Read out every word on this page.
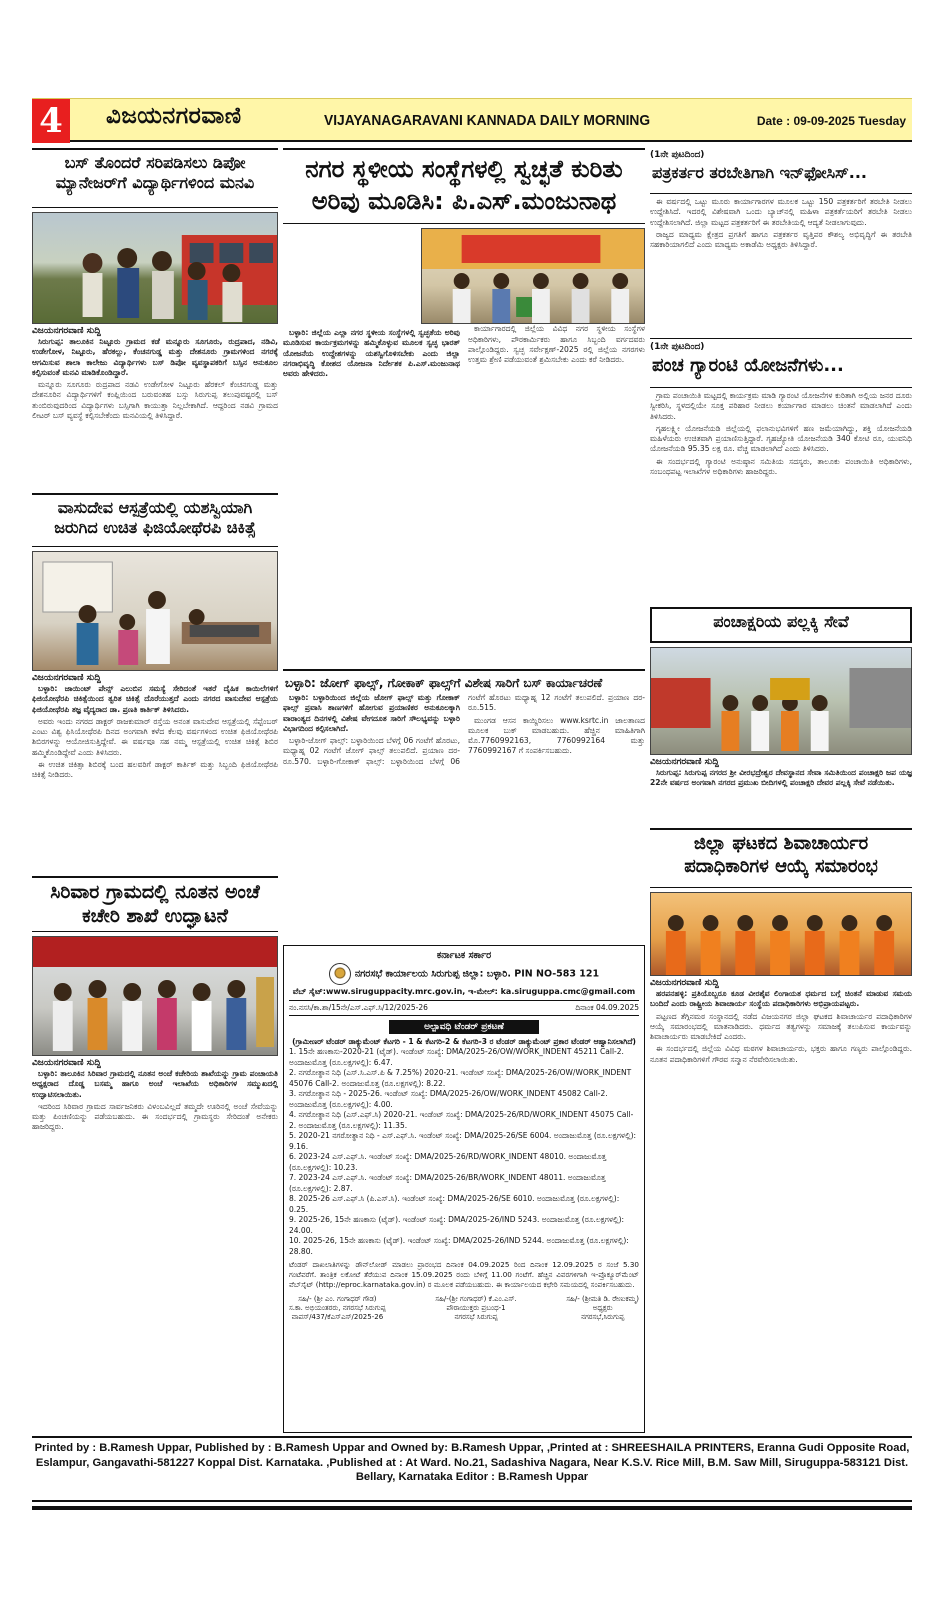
4	ವಿಜಯನಗರವಾಣಿ	VIJAYANAGARAVANI KANNADA DAILY MORNING	Date : 09-09-2025 Tuesday
ಬಸ್ ತೊಂದರೆ ಸರಿಪಡಿಸಲು ಡಿಪೋ ಮ್ಯಾನೇಜರ್‌ಗೆ ವಿದ್ಯಾರ್ಥಿಗಳಿಂದ ಮನವಿ
ವಿಜಯನಗರವಾಣಿ ಸುದ್ದಿ

ಸಿರುಗುಪ್ಪ: ತಾಲೂಕಿನ ನಿಟ್ಟೂರು ಗ್ರಾಮದ ಕಡೆ ಮನ್ನೂರು ಸೂಗೂರು, ರುದ್ರಪಾದ, ನಡಿವಿ, ಉಡೇಗೋಳ, ನಿಟ್ಟೂರು, ಹೆರಕಲ್ಲು, ಕೆಂಚನಗುಡ್ಡ ಮತ್ತು ದೇಶನೂರು ಗ್ರಾಮಗಳಿಂದ ನಗರಕ್ಕೆ ಆಗಮಿಸುವ ಶಾಲಾ ಕಾಲೇಜು ವಿದ್ಯಾರ್ಥಿಗಳು ಬಸ್ ಡಿಪೋ ವ್ಯವಸ್ಥಾಪಕರಿಗೆ ಬಸ್ಸಿನ ಅನುಕೂಲ ಕಲ್ಪಿಸುವಂತೆ ಮನವಿ ಮಾಡಿಕೊಂಡಿದ್ದಾರೆ.

ಮನ್ನೂರು ಸೂಗೂರು ರುದ್ರಪಾದ ನಡವಿ ಉಡೇಗೋಳ ನಿಟ್ಟೂರು ಹೆರಕಲ್ ಕೆಂಚನಗುಡ್ಡ ಮತ್ತು ದೇಶನೂರಿನ ವಿದ್ಯಾರ್ಥಿಗಳಿಗೆ ಕಂಪ್ಲಿಯಿಂದ ಬರುವಂತಹ ಬಸ್ಸು ಸಿರುಗುಪ್ಪ ತಲುಪುವಷ್ಟರಲ್ಲಿ ಬಸ್ ತುಂಬಿರುವುದರಿಂದ ವಿದ್ಯಾರ್ಥಿಗಳು ಬಸ್ಸಿಗಾಗಿ ಕಾಯುತ್ತಾ ನಿಲ್ಲಬೇಕಾಗಿದೆ. ಆದ್ದರಿಂದ ನಡವಿ ಗ್ರಾಮದ ಲೀಟರ್ ಬಸ್ ವ್ಯವಸ್ಥೆ ಕಲ್ಪಿಸಬೇಕೆಂದು ಮನವಿಯಲ್ಲಿ ತಿಳಿಸಿದ್ದಾರೆ.

ವಾಸುದೇವ ಆಸ್ಪತ್ರೆಯಲ್ಲಿ ಯಶಸ್ವಿಯಾಗಿ ಜರುಗಿದ ಉಚಿತ ಫಿಜಿಯೋಥೆರಪಿ ಚಿಕಿತ್ಸೆ
ವಿಜಯನಗರವಾಣಿ ಸುದ್ದಿ

ಬಳ್ಳಾರಿ: ಜಾಯಿಂಟ್ ಪೇನ್ಸ್ ಎಲುಬಿನ ಸಮಸ್ಯೆ ಸೇರಿದಂತೆ ಇತರೆ ದೈಹಿಕ ಕಾಯಿಲೆಗಳಿಗೆ ಫಿಜಿಯೋಥೆರಪಿ ಚಿಕಿತ್ಸೆಯಿಂದ ತ್ವರಿತ ಚಿಕಿತ್ಸೆ ದೊರೆಯುತ್ತದೆ ಎಂದು ನಗರದ ವಾಸುದೇವ ಆಸ್ಪತ್ರೆಯ ಫಿಜಿಯೋಥೆರಪಿ ತಜ್ಞ ವೈದ್ಯರಾದ ಡಾ. ಪ್ರಣತಿ ಕಾರ್ತಿಕ್ ತಿಳಿಸಿದರು.

ಅವರು ಇಂದು ನಗರದ ಡಾಕ್ಟರ್ ರಾಜಕುಮಾರ್ ರಸ್ತೆಯ ಅನಂತ ವಾಸುದೇವ ಆಸ್ಪತ್ರೆಯಲ್ಲಿ ಸೆಪ್ಟೆಂಬರ್ ಎಂಟು ವಿಶ್ವ ಫಿಸಿಯೋಥೆರಪಿ ದಿನದ ಅಂಗವಾಗಿ ಕಳೆದ ಕೆಲವು ವರ್ಷಗಳಿಂದ ಉಚಿತ ಫಿಜಿಯೋಥೆರಪಿ ಶಿಬಿರಗಳನ್ನು ಆಯೋಜಿಸುತ್ತಿದ್ದೇವೆ. ಈ ವರ್ಷವೂ ಸಹ ನಮ್ಮ ಆಸ್ಪತ್ರೆಯಲ್ಲಿ ಉಚಿತ ಚಿಕಿತ್ಸೆ ಶಿಬಿರ ಹಮ್ಮಿಕೊಂಡಿದ್ದೇವೆ ಎಂದು ತಿಳಿಸಿದರು.

ಈ ಉಚಿತ ಚಿಕಿತ್ಸಾ ಶಿಬಿರಕ್ಕೆ ಬಂದ ಹಲವರಿಗೆ ಡಾಕ್ಟರ್ ಕಾರ್ತಿಕ್ ಮತ್ತು ಸಿಬ್ಬಂದಿ ಫಿಜಿಯೋಥೆರಪಿ ಚಿಕಿತ್ಸೆ ನೀಡಿದರು.

ಸಿರಿವಾರ ಗ್ರಾಮದಲ್ಲಿ ನೂತನ ಅಂಚೆ ಕಚೇರಿ ಶಾಖೆ ಉದ್ಘಾಟನೆ
ವಿಜಯನಗರವಾಣಿ ಸುದ್ದಿ

ಬಳ್ಳಾರಿ: ತಾಲೂಕಿನ ಸಿರಿವಾರ ಗ್ರಾಮದಲ್ಲಿ ನೂತನ ಅಂಚೆ ಕಚೇರಿಯ ಶಾಖೆಯನ್ನು ಗ್ರಾಮ ಪಂಚಾಯತಿ ಅಧ್ಯಕ್ಷರಾದ ದೊಡ್ಡ ಬಸಮ್ಮ ಹಾಗೂ ಅಂಚೆ ಇಲಾಖೆಯ ಅಧಿಕಾರಿಗಳ ಸಮ್ಮುಖದಲ್ಲಿ ಉದ್ಘಾಟಿಸಲಾಯಿತು.

ಇದರಿಂದ ಸಿರಿವಾರ ಗ್ರಾಮದ ಸಾರ್ವಜನಿಕರು ವಿಳಂಬವಿಲ್ಲದೆ ತಮ್ಮದೇ ಊರಿನಲ್ಲಿ ಅಂಚೆ ಸೇವೆಯನ್ನು ಮತ್ತು ಪಿಂಚಣಿಯನ್ನು ಪಡೆಯಬಹುದು. ಈ ಸಂದರ್ಭದಲ್ಲಿ ಗ್ರಾಮಸ್ಥರು ಸೇರಿದಂತೆ ಅನೇಕರು ಹಾಜರಿದ್ದರು.

ನಗರ ಸ್ಥಳೀಯ ಸಂಸ್ಥೆಗಳಲ್ಲಿ ಸ್ವಚ್ಛತೆ ಕುರಿತು ಅರಿವು ಮೂಡಿಸಿ: ಪಿ.ಎಸ್.ಮಂಜುನಾಥ

ಬಳ್ಳಾರಿ: ಜಿಲ್ಲೆಯ ಎಲ್ಲಾ ನಗರ ಸ್ಥಳೀಯ ಸಂಸ್ಥೆಗಳಲ್ಲಿ ಸ್ವಚ್ಛತೆಯ ಅರಿವು ಮೂಡಿಸುವ ಕಾರ್ಯಕ್ರಮಗಳನ್ನು ಹಮ್ಮಿಕೊಳ್ಳುವ ಮೂಲಕ ಸ್ವಚ್ಛ ಭಾರತ್ ಯೋಜನೆಯ ಉದ್ದೇಶಗಳನ್ನು ಯಶಸ್ವಿಗೊಳಿಸಬೇಕು ಎಂದು ಜಿಲ್ಲಾ ನಗರಾಭಿವೃದ್ಧಿ ಕೋಶದ ಯೋಜನಾ ನಿರ್ದೇಶಕ ಪಿ.ಎಸ್.ಮಂಜುನಾಥ ಅವರು ಹೇಳಿದರು.

ಕಾರ್ಯಾಗಾರದಲ್ಲಿ ಜಿಲ್ಲೆಯ ವಿವಿಧ ನಗರ ಸ್ಥಳೀಯ ಸಂಸ್ಥೆಗಳ ಅಧಿಕಾರಿಗಳು, ಪೌರಕಾರ್ಮಿಕರು ಹಾಗೂ ಸಿಬ್ಬಂದಿ ವರ್ಗದವರು ಪಾಲ್ಗೊಂಡಿದ್ದರು. ಸ್ವಚ್ಛ ಸರ್ವೇಕ್ಷಣ್-2025 ರಲ್ಲಿ ಜಿಲ್ಲೆಯ ನಗರಗಳು ಉತ್ತಮ ಶ್ರೇಣಿ ಪಡೆಯುವಂತೆ ಶ್ರಮಿಸಬೇಕು ಎಂದು ಕರೆ ನೀಡಿದರು.

ಬಳ್ಳಾರಿ: ಜೋಗ್ ಫಾಲ್ಸ್, ಗೋಕಾಕ್ ಫಾಲ್ಸ್‌ಗೆ ವಿಶೇಷ ಸಾರಿಗೆ ಬಸ್ ಕಾರ್ಯಾಚರಣೆ

ಬಳ್ಳಾರಿ: ಬಳ್ಳಾರಿಯಿಂದ ಜಿಲ್ಲೆಯ ಜೋಗ್ ಫಾಲ್ಸ್ ಮತ್ತು ಗೋಕಾಕ್ ಫಾಲ್ಸ್ ಪ್ರವಾಸಿ ತಾಣಗಳಿಗೆ ಹೋಗುವ ಪ್ರಯಾಣಿಕರ ಅನುಕೂಲಕ್ಕಾಗಿ ವಾರಾಂತ್ಯದ ದಿನಗಳಲ್ಲಿ ವಿಶೇಷ ವೇಗದೂತ ಸಾರಿಗೆ ಸೌಲಭ್ಯವನ್ನು ಬಳ್ಳಾರಿ ವಿಭಾಗದಿಂದ ಕಲ್ಪಿಸಲಾಗಿದೆ.

ಬಳ್ಳಾರಿ-ಜೋಗ್ ಫಾಲ್ಸ್: ಬಳ್ಳಾರಿಯಿಂದ ಬೆಳಗ್ಗೆ 06 ಗಂಟೆಗೆ ಹೊರಟು, ಮಧ್ಯಾಹ್ನ 02 ಗಂಟೆಗೆ ಜೋಗ್ ಫಾಲ್ಸ್ ತಲುಪಲಿದೆ. ಪ್ರಯಾಣ ದರ- ರೂ.570. ಬಳ್ಳಾರಿ-ಗೋಕಾಕ್ ಫಾಲ್ಸ್: ಬಳ್ಳಾರಿಯಿಂದ ಬೆಳಗ್ಗೆ 06 ಗಂಟೆಗೆ ಹೊರಟು ಮಧ್ಯಾಹ್ನ 12 ಗಂಟೆಗೆ ತಲುಪಲಿದೆ. ಪ್ರಯಾಣ ದರ- ರೂ.515.

ಮುಂಗಡ ಆಸನ ಕಾಯ್ದಿರಿಸಲು www.ksrtc.in ಜಾಲತಾಣದ ಮೂಲಕ ಬುಕ್ ಮಾಡಬಹುದು. ಹೆಚ್ಚಿನ ಮಾಹಿತಿಗಾಗಿ ಮೊ.7760992163, 7760992164 ಮತ್ತು 7760992167 ಗೆ ಸಂಪರ್ಕಿಸಬಹುದು.

ಕರ್ನಾಟಕ ಸರ್ಕಾರ
ನಗರಸಭೆ ಕಾರ್ಯಾಲಯ ಸಿರುಗುಪ್ಪ ಜಿಲ್ಲಾ: ಬಳ್ಳಾರಿ. PIN NO-583 121
ವೆಬ್ ಸೈಟ್:www.siruguppacity.mrc.gov.in, ಇ-ಮೇಲ್: ka.siruguppa.cmc@gmail.com
ನಂ.ನಸಸಿ/ಕಾ.ಶಾ/15ನೇ/ಎಸ್.ಎಫ್.ಸಿ/12/2025-26	ದಿನಾಂಕ 04.09.2025
ಅಲ್ಪಾವಧಿ ಟೆಂಡರ್ ಪ್ರಕಟಣೆ
(ಗ್ರಾಮೀಣರ್ ಟೆಂಡರ್ ಡಾಕ್ಯುಮೆಂಟ್ ಕೆಟಗರಿ - 1 & ಕೆಟಗರಿ-2 & ಕೆಟಗರಿ-3 ರ ಟೆಂಡರ್ ಡಾಕ್ಯುಮೆಂಟ್ ಪ್ರಕಾರ ಟೆಂಡರ್ ಆಹ್ವಾನಿಸಲಾಗಿದೆ)
1. 15ನೇ ಹಣಕಾಸು-2020-21 (ಟೈಡ್). ಇಂಡೆಂಟ್ ಸಂಖ್ಯೆ: DMA/2025-26/OW/WORK_INDENT 45211 Call-2. ಅಂದಾಜುಮೊತ್ತ (ರೂ.ಲಕ್ಷಗಳಲ್ಲಿ): 6.47.
2. ನಗರೋತ್ಥಾನ ನಿಧಿ (ಎಸ್.ಸಿ.ಎಸ್.ಪಿ & 7.25%) 2020-21. ಇಂಡೆಂಟ್ ಸಂಖ್ಯೆ: DMA/2025-26/OW/WORK_INDENT 45076 Call-2. ಅಂದಾಜುಮೊತ್ತ (ರೂ.ಲಕ್ಷಗಳಲ್ಲಿ): 8.22.
3. ನಗರೋತ್ಥಾನ ನಿಧಿ - 2025-26. ಇಂಡೆಂಟ್ ಸಂಖ್ಯೆ: DMA/2025-26/OW/WORK_INDENT 45082 Call-2. ಅಂದಾಜುಮೊತ್ತ (ರೂ.ಲಕ್ಷಗಳಲ್ಲಿ): 4.00.
4. ನಗರೋತ್ಥಾನ ನಿಧಿ (ಎಸ್.ಎಫ್.ಸಿ) 2020-21. ಇಂಡೆಂಟ್ ಸಂಖ್ಯೆ: DMA/2025-26/RD/WORK_INDENT 45075 Call-2. ಅಂದಾಜುಮೊತ್ತ (ರೂ.ಲಕ್ಷಗಳಲ್ಲಿ): 11.35.
5. 2020-21 ನಗರೋತ್ಥಾನ ನಿಧಿ - ಎಸ್.ಎಫ್.ಸಿ. ಇಂಡೆಂಟ್ ಸಂಖ್ಯೆ: DMA/2025-26/SE 6004. ಅಂದಾಜುಮೊತ್ತ (ರೂ.ಲಕ್ಷಗಳಲ್ಲಿ): 9.16.
6. 2023-24 ಎಸ್.ಎಫ್.ಸಿ. ಇಂಡೆಂಟ್ ಸಂಖ್ಯೆ: DMA/2025-26/RD/WORK_INDENT 48010. ಅಂದಾಜುಮೊತ್ತ (ರೂ.ಲಕ್ಷಗಳಲ್ಲಿ): 10.23.
7. 2023-24 ಎಸ್.ಎಫ್.ಸಿ. ಇಂಡೆಂಟ್ ಸಂಖ್ಯೆ: DMA/2025-26/BR/WORK_INDENT 48011. ಅಂದಾಜುಮೊತ್ತ (ರೂ.ಲಕ್ಷಗಳಲ್ಲಿ): 2.87.
8. 2025-26 ಎಸ್.ಎಫ್.ಸಿ (ಪಿ.ಎಸ್.ಸಿ). ಇಂಡೆಂಟ್ ಸಂಖ್ಯೆ: DMA/2025-26/SE 6010. ಅಂದಾಜುಮೊತ್ತ (ರೂ.ಲಕ್ಷಗಳಲ್ಲಿ): 0.25.
9. 2025-26, 15ನೇ ಹಣಕಾಸು (ಟೈಡ್). ಇಂಡೆಂಟ್ ಸಂಖ್ಯೆ: DMA/2025-26/IND 5243. ಅಂದಾಜುಮೊತ್ತ (ರೂ.ಲಕ್ಷಗಳಲ್ಲಿ): 24.00.
10. 2025-26, 15ನೇ ಹಣಕಾಸು (ಟೈಡ್). ಇಂಡೆಂಟ್ ಸಂಖ್ಯೆ: DMA/2025-26/IND 5244. ಅಂದಾಜುಮೊತ್ತ (ರೂ.ಲಕ್ಷಗಳಲ್ಲಿ): 28.80.
ಟೆಂಡರ್ ದಾಖಲಾತಿಗಳನ್ನು ಡೌನ್‌ಲೋಡ್ ಮಾಡಲು ಪ್ರಾರಂಭದ ದಿನಾಂಕ 04.09.2025 ರಿಂದ ದಿನಾಂಕ 12.09.2025 ರ ಸಂಜೆ 5.30 ಗಂಟೆವರೆಗೆ. ತಾಂತ್ರಿಕ ಲಕೋಟೆ ತೆರೆಯುವ ದಿನಾಂಕ 15.09.2025 ರಂದು ಬೆಳಿಗ್ಗೆ 11.00 ಗಂಟೆಗೆ. ಹೆಚ್ಚಿನ ವಿವರಗಳಿಗಾಗಿ ಇ-ಪ್ರೊಕ್ಯೂರ್‌ಮೆಂಟ್ ವೆಬ್‌ಸೈಟ್ (http://eproc.karnataka.gov.in) ರ ಮೂಲಕ ಪಡೆಯಬಹುದು. ಈ ಕಾರ್ಯಾಲಯದ ಕಛೇರಿ ಸಮಯದಲ್ಲಿ ಸಂಪರ್ಕಿಸಬಹುದು.
ಸಹಿ/- (ಶ್ರೀ ಎಂ. ಗಂಗಾಧರ್ ಗೌಡ)
ಸ.ಕಾ. ಅಭಿಯಂತರರು, ನಗರಸಭೆ ಸಿರುಗುಪ್ಪ
ವಾಪಸ್/437/ಕೆಎಸ್‌ಎಸ್/2025-26
ಸಹಿ/-(ಶ್ರೀ ಗಂಗಾಧರ್) ಕೆ.ಎಂ.ಎಸ್.
ಪೌರಾಯುಕ್ತರು ಪ್ರಬಂಧ-1
ನಗರಸಭೆ ಸಿರುಗುಪ್ಪ
ಸಹಿ/- (ಶ್ರೀಮತಿ ಡಿ. ರೇಣುಕಮ್ಮ)
ಅಧ್ಯಕ್ಷರು
ನಗರಸಭೆ,ಸಿರುಗುಪ್ಪ
(1ನೇ ಪುಟದಿಂದ)
ಪತ್ರಕರ್ತರ ತರಬೇತಿಗಾಗಿ ಇನ್‌ಫೋಸಿಸ್...

ಈ ವರ್ಷದಲ್ಲಿ ಒಟ್ಟು ಮೂರು ಕಾರ್ಯಾಗಾರಗಳ ಮೂಲಕ ಒಟ್ಟು 150 ಪತ್ರಕರ್ತರಿಗೆ ತರಬೇತಿ ನೀಡಲು ಉದ್ದೇಶಿಸಿದೆ. ಇದರಲ್ಲಿ ವಿಶೇಷವಾಗಿ ಒಂದು ಬ್ಯಾಚ್‌ನಲ್ಲಿ ಮಹಿಳಾ ಪತ್ರಕರ್ತೆಯರಿಗೆ ತರಬೇತಿ ನೀಡಲು ಉದ್ದೇಶಿಸಲಾಗಿದೆ. ಜಿಲ್ಲಾ ಮಟ್ಟದ ಪತ್ರಕರ್ತರಿಗೆ ಈ ತರಬೇತಿಯಲ್ಲಿ ಆದ್ಯತೆ ನೀಡಲಾಗುವುದು.

ರಾಜ್ಯದ ಮಾಧ್ಯಮ ಕ್ಷೇತ್ರದ ಪ್ರಗತಿಗೆ ಹಾಗೂ ಪತ್ರಕರ್ತರ ವೃತ್ತಿಪರ ಕೌಶಲ್ಯ ಅಭಿವೃದ್ಧಿಗೆ ಈ ತರಬೇತಿ ಸಹಕಾರಿಯಾಗಲಿದೆ ಎಂದು ಮಾಧ್ಯಮ ಅಕಾಡೆಮಿ ಅಧ್ಯಕ್ಷರು ತಿಳಿಸಿದ್ದಾರೆ.

(1ನೇ ಪುಟದಿಂದ)
ಪಂಚ ಗ್ಯಾರಂಟಿ ಯೋಜನೆಗಳು...

ಗ್ರಾಮ ಪಂಚಾಯಿತಿ ಮಟ್ಟದಲ್ಲಿ ಕಾರ್ಯಕ್ರಮ ಮಾಡಿ ಗ್ಯಾರಂಟಿ ಯೋಜನೆಗಳ ಕುರಿತಾಗಿ ಅಲ್ಲಿಯ ಜನರ ದೂರು ಸ್ವೀಕರಿಸಿ, ಸ್ಥಳದಲ್ಲಿಯೇ ಸೂಕ್ತ ಪರಿಹಾರ ನೀಡಲು ಕರ್ಯಾಗಾರ ಮಾಡಲು ಚಿಂತನೆ ಮಾಡಲಾಗಿದೆ ಎಂದು ತಿಳಿಸಿದರು.

ಗೃಹಲಕ್ಷ್ಮೀ ಯೋಜನೆಯಡಿ ಜಿಲ್ಲೆಯಲ್ಲಿ ಫಲಾನುಭವಿಗಳಿಗೆ ಹಣ ಜಮೆಯಾಗಿದ್ದು, ಶಕ್ತಿ ಯೋಜನೆಯಡಿ ಮಹಿಳೆಯರು ಉಚಿತವಾಗಿ ಪ್ರಯಾಣಿಸುತ್ತಿದ್ದಾರೆ. ಗೃಹಜ್ಯೋತಿ ಯೋಜನೆಯಡಿ 340 ಕೋಟಿ ರೂ, ಯುವನಿಧಿ ಯೋಜನೆಯಡಿ 95.35 ಲಕ್ಷ ರೂ. ವೆಚ್ಚ ಮಾಡಲಾಗಿದೆ ಎಂದು ತಿಳಿಸಿದರು.

ಈ ಸಂದರ್ಭದಲ್ಲಿ ಗ್ಯಾರಂಟಿ ಅನುಷ್ಠಾನ ಸಮಿತಿಯ ಸದಸ್ಯರು, ತಾಲೂಕು ಪಂಚಾಯಿತಿ ಅಧಿಕಾರಿಗಳು, ಸಂಬಂಧಪಟ್ಟ ಇಲಾಖೆಗಳ ಅಧಿಕಾರಿಗಳು ಹಾಜರಿದ್ದರು.

ಪಂಚಾಕ್ಷರಿಯ ಪಲ್ಲಕ್ಕಿ ಸೇವೆ
ವಿಜಯನಗರವಾಣಿ ಸುದ್ದಿ

ಸಿರುಗುಪ್ಪ: ಸಿರುಗುಪ್ಪ ನಗರದ ಶ್ರೀ ವೀರಭದ್ರೇಶ್ವರ ದೇವಸ್ಥಾನದ ಸೇವಾ ಸಮಿತಿಯಿಂದ ಪಂಚಾಕ್ಷರಿ ಜಪ ಯಜ್ಞ 22ನೇ ವರ್ಷದ ಅಂಗವಾಗಿ ನಗರದ ಪ್ರಮುಖ ಬೀದಿಗಳಲ್ಲಿ ಪಂಚಾಕ್ಷರಿ ದೇವರ ಪಲ್ಲಕ್ಕಿ ಸೇವೆ ನಡೆಯಿತು.

ಜಿಲ್ಲಾ ಘಟಕದ ಶಿವಾಚಾರ್ಯರ ಪದಾಧಿಕಾರಿಗಳ ಆಯ್ಕೆ ಸಮಾರಂಭ
ವಿಜಯನಗರವಾಣಿ ಸುದ್ದಿ

ಹರಪನಹಳ್ಳಿ: ಪ್ರತಿಯೊಬ್ಬರೂ ಕೂಡ ವೀರಶೈವ ಲಿಂಗಾಯತ ಧರ್ಮದ ಬಗ್ಗೆ ಚಿಂತನೆ ಮಾಡುವ ಸಮಯ ಬಂದಿದೆ ಎಂದು ರಾಷ್ಟ್ರೀಯ ಶಿವಾಚಾರ್ಯ ಸಂಸ್ಥೆಯ ಪದಾಧಿಕಾರಿಗಳು ಅಭಿಪ್ರಾಯಪಟ್ಟರು.

ಪಟ್ಟಣದ ತೆಗ್ಗಿನಮಠ ಸಂಸ್ಥಾನದಲ್ಲಿ ನಡೆದ ವಿಜಯನಗರ ಜಿಲ್ಲಾ ಘಟಕದ ಶಿವಾಚಾರ್ಯರ ಪದಾಧಿಕಾರಿಗಳ ಆಯ್ಕೆ ಸಮಾರಂಭದಲ್ಲಿ ಮಾತನಾಡಿದರು. ಧರ್ಮದ ತತ್ವಗಳನ್ನು ಸಮಾಜಕ್ಕೆ ತಲುಪಿಸುವ ಕಾರ್ಯವನ್ನು ಶಿವಾಚಾರ್ಯರು ಮಾಡಬೇಕಿದೆ ಎಂದರು.

ಈ ಸಂದರ್ಭದಲ್ಲಿ ಜಿಲ್ಲೆಯ ವಿವಿಧ ಮಠಗಳ ಶಿವಾಚಾರ್ಯರು, ಭಕ್ತರು ಹಾಗೂ ಗಣ್ಯರು ಪಾಲ್ಗೊಂಡಿದ್ದರು. ನೂತನ ಪದಾಧಿಕಾರಿಗಳಿಗೆ ಗೌರವ ಸನ್ಮಾನ ನೆರವೇರಿಸಲಾಯಿತು.

Printed by : B.Ramesh Uppar, Published by : B.Ramesh Uppar and Owned by: B.Ramesh Uppar, ,Printed at : SHREESHAILA PRINTERS, Eranna Gudi Opposite Road,
Eslampur, Gangavathi-581227 Koppal Dist. Karnataka. ,Published at : At Ward. No.21, Sadashiva Nagara, Near K.S.V. Rice Mill, B.M. Saw Mill, Siruguppa-583121 Dist.
Bellary, Karnataka Editor : B.Ramesh Uppar
